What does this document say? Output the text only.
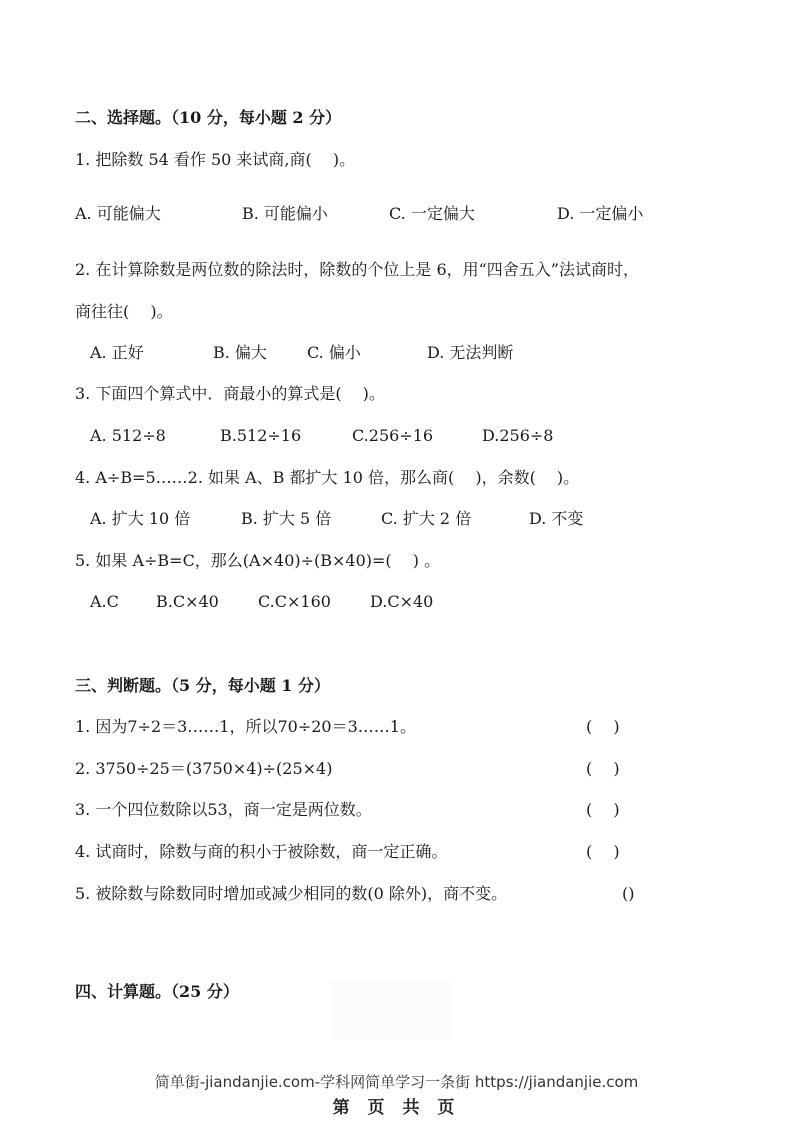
二、选择题。（10 分，每小题 2 分）
1. 把除数 54 看作 50 来试商,商(　 )。
A. 可能偏大	B. 可能偏小	C. 一定偏大	D. 一定偏小
2. 在计算除数是两位数的除法时，除数的个位上是 6，用“四舍五入”法试商时，
商往往(　 )。
A. 正好	B. 偏大	C. 偏小	D. 无法判断
3. 下面四个算式中．商最小的算式是(　 )。
A. 512÷8	B.512÷16	C.256÷16	D.256÷8
4. A÷B=5……2. 如果 A、B 都扩大 10 倍，那么商(　 )，余数(　 )。
A. 扩大 10 倍	B. 扩大 5 倍	C. 扩大 2 倍	D. 不变
5. 如果 A÷B=C，那么(A×40)÷(B×40)=(　 ) 。
A.C B.C×40 C.C×160 D.C×40
三、判断题。（5 分，每小题 1 分）
1. 因为7÷2＝3……1，所以70÷20＝3……1。	(　 )
2. 3750÷25＝(3750×4)÷(25×4)	(　 )
3. 一个四位数除以53，商一定是两位数。	(　 )
4. 试商时，除数与商的积小于被除数，商一定正确。	(　 )
5. 被除数与除数同时增加或减少相同的数(0 除外)，商不变。	()
四、计算题。（25 分）
简单街-jiandanjie.com-学科网简单学习一条街 https://jiandanjie.com
第 页 共 页
